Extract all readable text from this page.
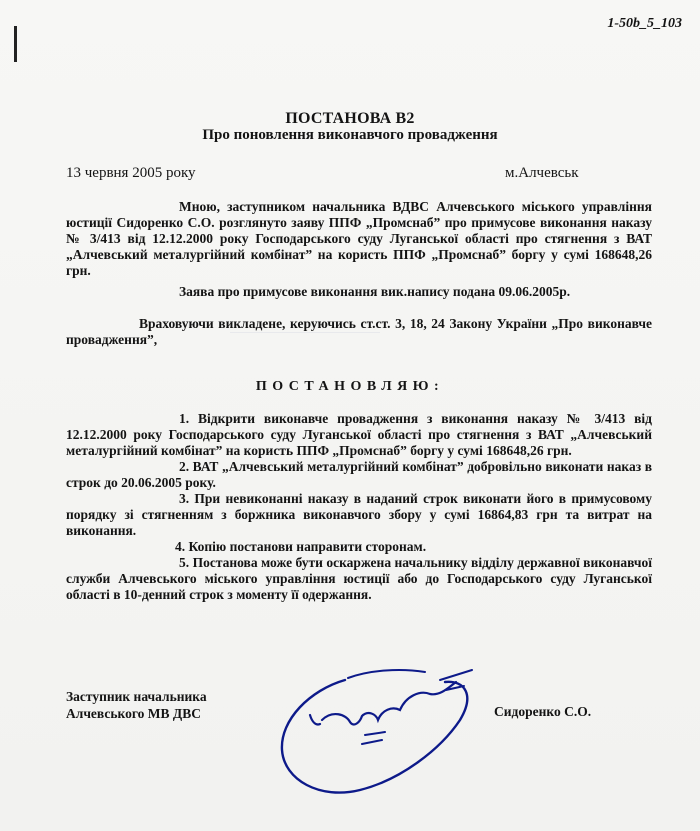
1-50b_5_103
ПОСТАНОВА В2
Про поновлення виконавчого провадження
13 червня 2005 року	м.Алчевськ
Мною, заступником начальника ВДВС Алчевського міського управління юстиції Сидоренко С.О. розглянуто заяву ППФ „Промснаб” про примусове виконання наказу № 3/413 від 12.12.2000 року Господарського суду Луганської області про стягнення з ВАТ „Алчевський металургійний комбінат” на користь ППФ „Промснаб” боргу у сумі 168648,26 грн.
Заява про примусове виконання вик.напису подана 09.06.2005р.
Враховуючи викладене, керуючись ст.ст. 3, 18, 24 Закону України „Про виконавче провадження”,
ПОСТАНОВЛЯЮ:
1. Відкрити виконавче провадження з виконання наказу № 3/413 від 12.12.2000 року Господарського суду Луганської області про стягнення з ВАТ „Алчевський металургійний комбінат” на користь ППФ „Промснаб” боргу у сумі 168648,26 грн.
2. ВАТ „Алчевський металургійний комбінат” добровільно виконати наказ в строк до 20.06.2005 року.
3. При невиконанні наказу в наданий строк виконати його в примусовому порядку зі стягненням з боржника виконавчого збору у сумі 16864,83 грн та витрат на виконання.
4. Копію постанови направити сторонам.
5. Постанова може бути оскаржена начальнику відділу державної виконавчої служби Алчевського міського управління юстиції або до Господарського суду Луганської області в 10-денний строк з моменту її одержання.
Заступник начальника
Алчевського МВ ДВС	Сидоренко С.О.
